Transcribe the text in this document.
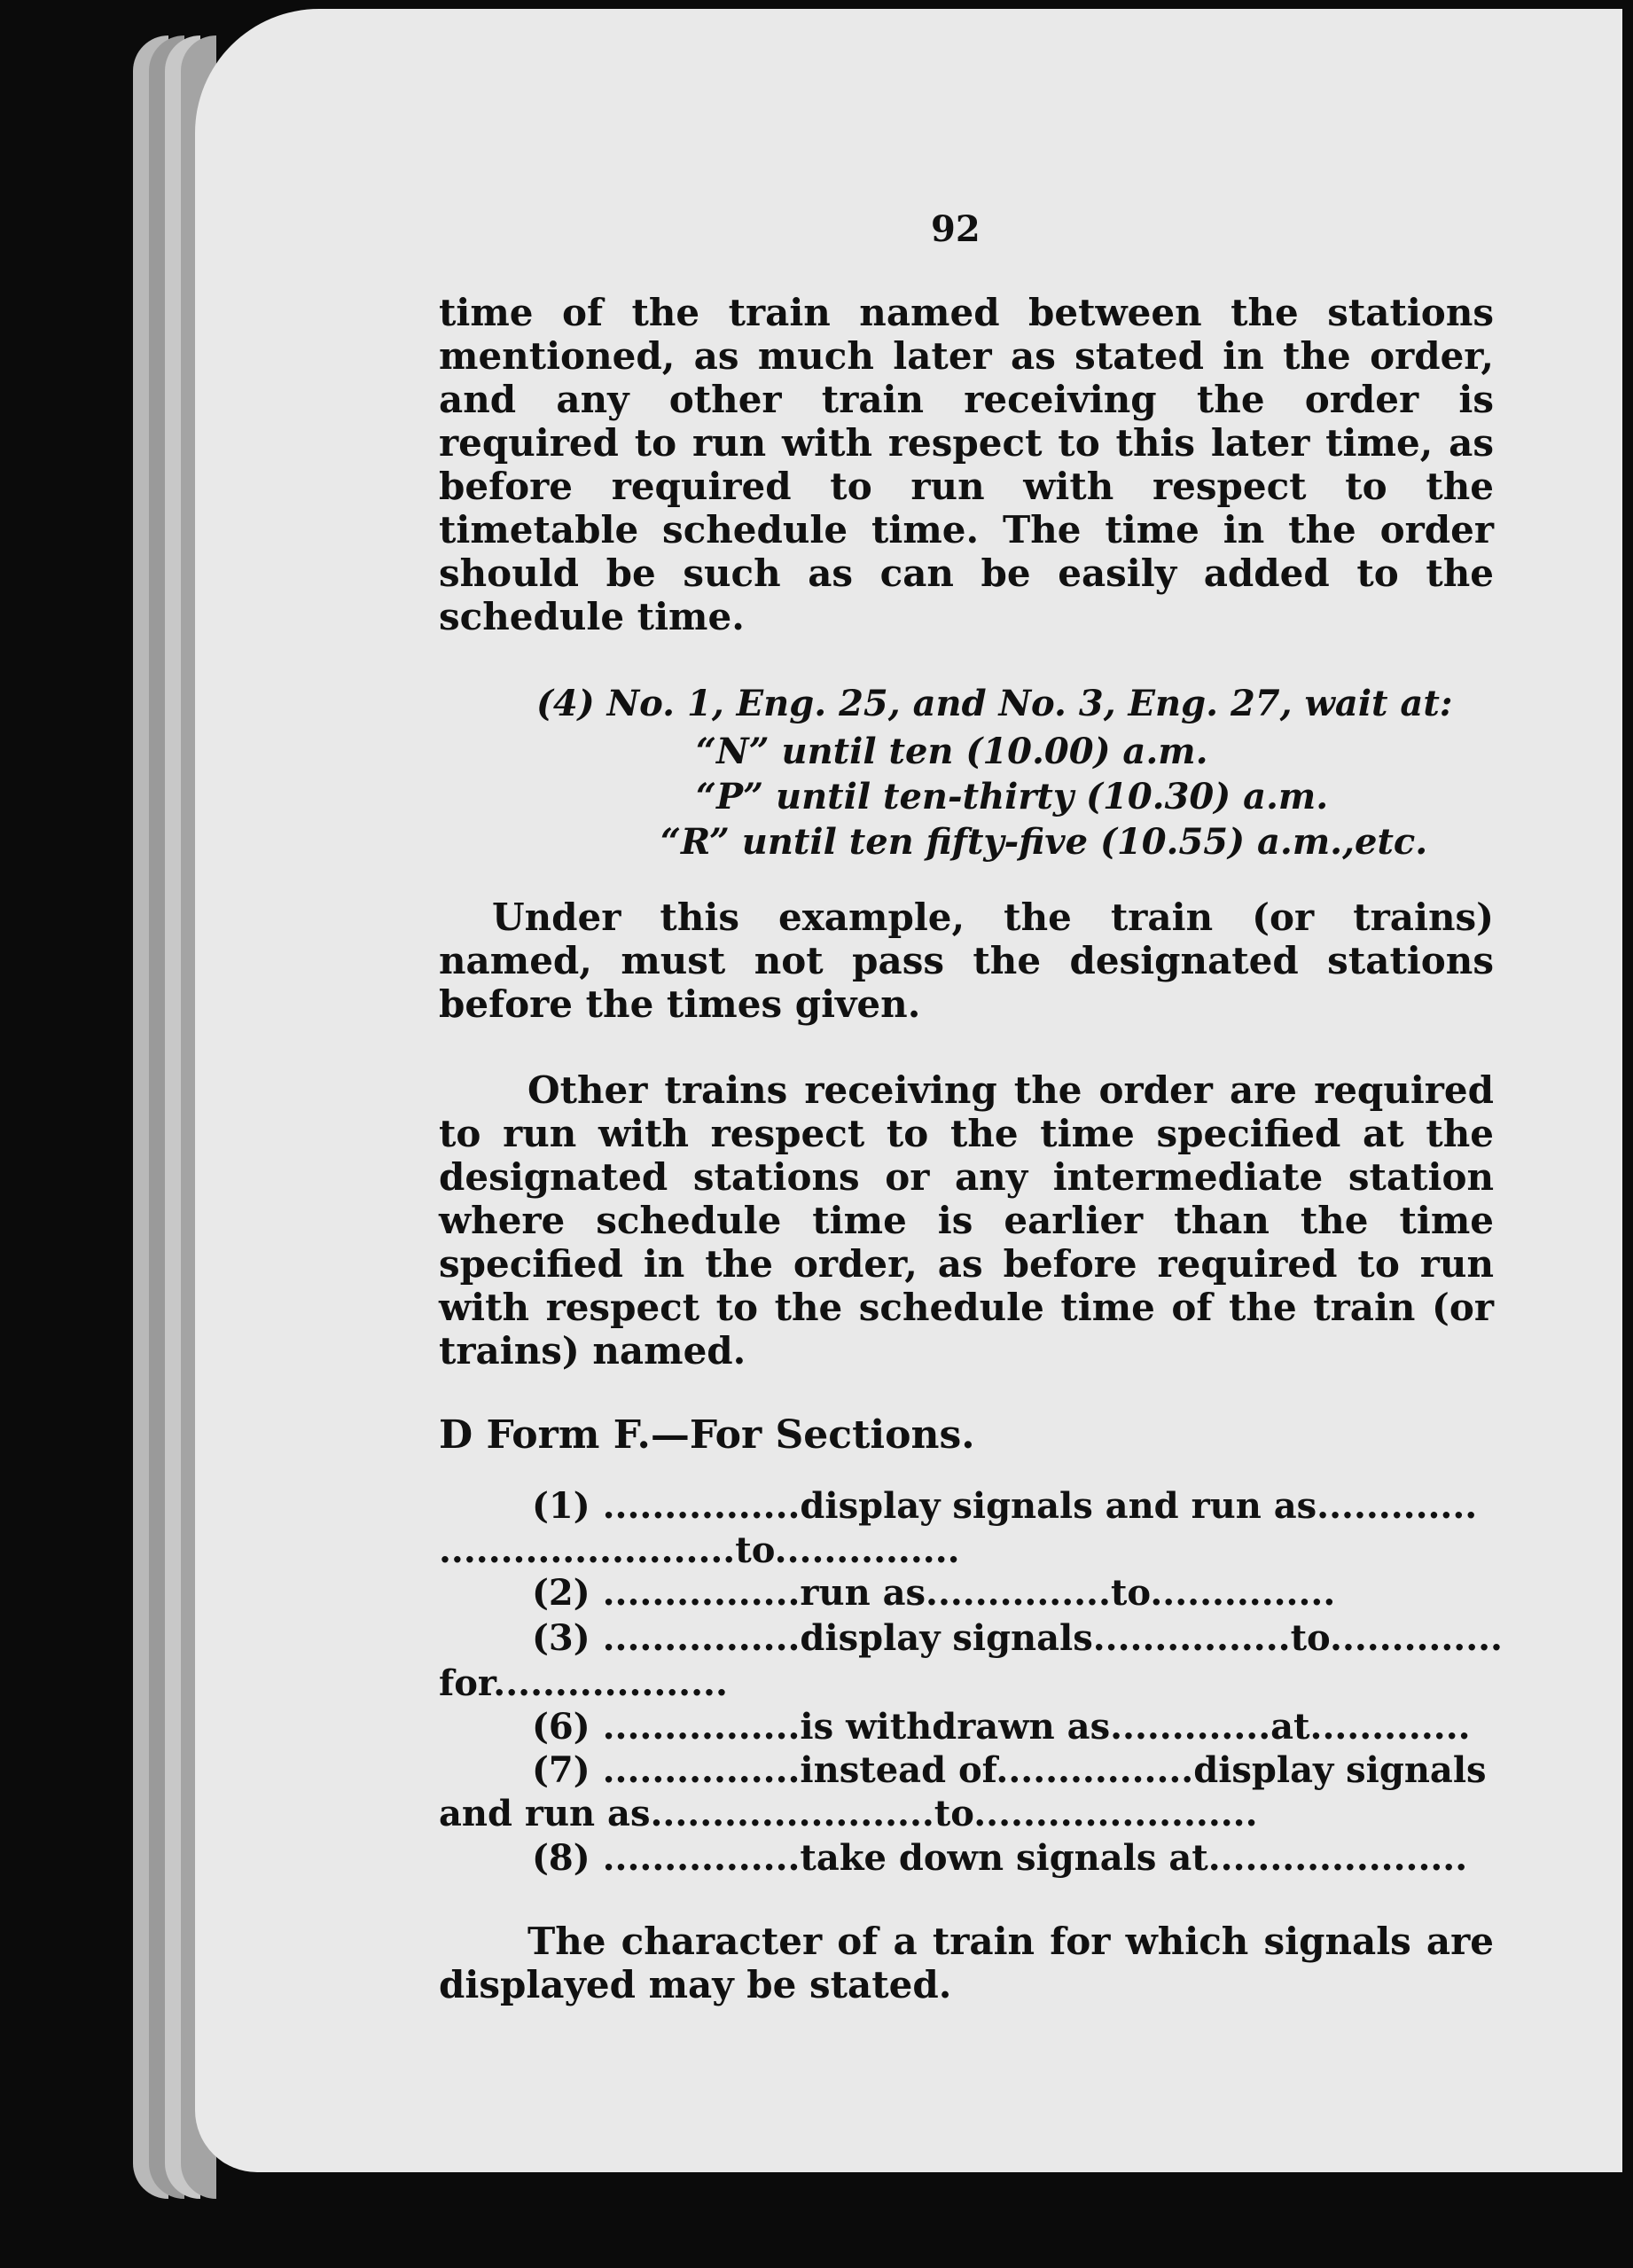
92

time of the train named between the stations mentioned, as much later as stated in the order, and any other train receiving the order is required to run with respect to this later time, as before required to run with respect to the timetable schedule time. The time in the order should be such as can be easily added to the schedule time.

(4) No. 1, Eng. 25, and No. 3, Eng. 27, wait at:
“N” until ten (10.00) a.m.
“P” until ten-thirty (10.30) a.m.
“R” until ten fifty-five (10.55) a.m.,etc.

Under this example, the train (or trains) named, must not pass the designated stations before the times given.

Other trains receiving the order are required to run with respect to the time specified at the designated stations or any intermediate station where schedule time is earlier than the time specified in the order, as before required to run with respect to the schedule time of the train (or trains) named.

D Form F.—For Sections.
(1) ................display signals and run as.............
........................to...............
(2) ................run as...............to...............
(3) ................display signals................to..............
for...................
(6) ................is withdrawn as.............at.............
(7) ................instead of................display signals
and run as.......................to.......................
(8) ................take down signals at.....................

The character of a train for which signals are displayed may be stated.
